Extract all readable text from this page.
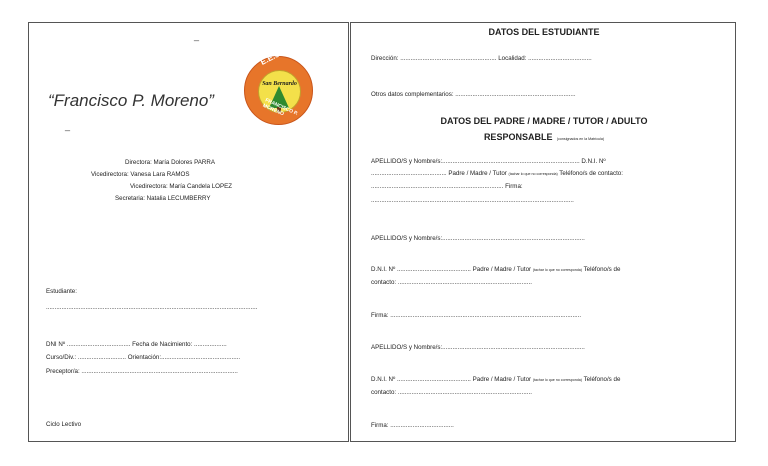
_
“Francisco P. Moreno”
_
E.E.S Nº 4
San Bernardo
FRANCISCO P. MORENO
Directora: María Dolores PARRA
Vicedirectora: Vanesa Lara RAMOS
Vicedirectora: María Candela LOPEZ
Secretaria: Natalia LECUMBERRY
Estudiante:
...........................................................................................................................
DNI Nº ..................................... Fecha de Nacimiento: ...................
Curso/Div.: ............................ Orientación:..............................................
Preceptor/a: ...........................................................................................
Ciclo Lectivo
DATOS DEL ESTUDIANTE
Dirección: ........................................................ Localidad: .....................................
Otros datos complementarios: ......................................................................
DATOS DEL PADRE / MADRE / TUTOR / ADULTO
RESPONSABLE (consignados en la Matrícula)
APELLIDO/S y Nombre/s:................................................................................ D.N.I. Nº
............................................ Padre / Madre / Tutor (tachar lo que no corresponda) Teléfono/s de contacto:
............................................................................. Firma:
......................................................................................................................
APELLIDO/S y Nombre/s:...................................................................................
D.N.I. Nº ........................................... Padre / Madre / Tutor (tachar lo que no corresponda) Teléfono/s de
contacto: ..............................................................................
Firma: ...............................................................................................................
APELLIDO/S y Nombre/s:...................................................................................
D.N.I. Nº ........................................... Padre / Madre / Tutor (tachar lo que no corresponda) Teléfono/s de
contacto: ..............................................................................
Firma: .....................................
